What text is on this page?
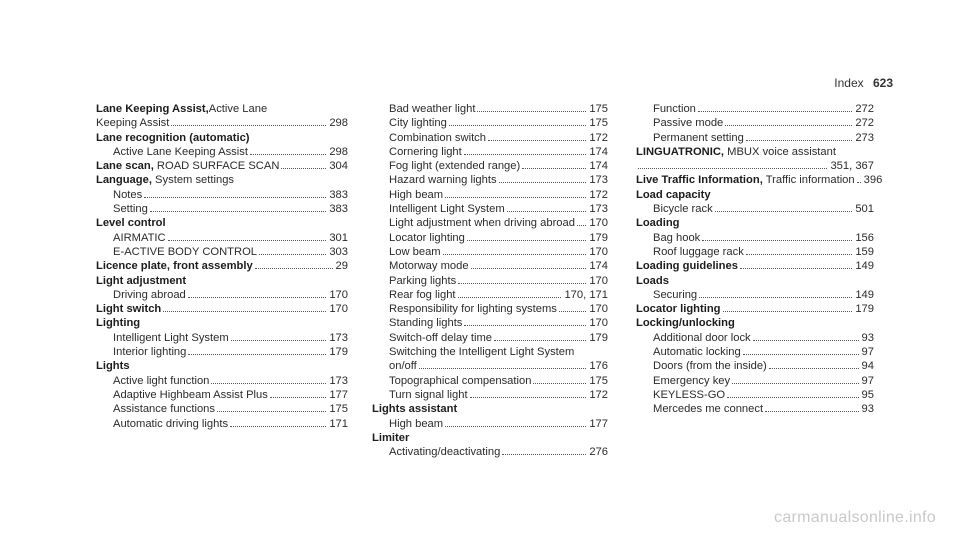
Index 623
Lane Keeping Assist,Active Lane
Keeping Assist	298
Lane recognition (automatic)
Active Lane Keeping Assist	298
Lane scan, ROAD SURFACE SCAN	304
Language, System settings
Notes	383
Setting	383
Level control
AIRMATIC	301
E-ACTIVE BODY CONTROL	303
Licence plate, front assembly	29
Light adjustment
Driving abroad	170
Light switch	170
Lighting
Intelligent Light System	173
Interior lighting	179
Lights
Active light function	173
Adaptive Highbeam Assist Plus	177
Assistance functions	175
Automatic driving lights	171
Bad weather light	175
City lighting	175
Combination switch	172
Cornering light	174
Fog light (extended range)	174
Hazard warning lights	173
High beam	172
Intelligent Light System	173
Light adjustment when driving abroad 170
Locator lighting	179
Low beam	170
Motorway mode	174
Parking lights	170
Rear fog light	170, 171
Responsibility for lighting systems	170
Standing lights	170
Switch-off delay time	179
Switching the Intelligent Light System
on/off	176
Topographical compensation	175
Turn signal light	172
Lights assistant
High beam	177
Limiter
Activating/deactivating	276
Function	272
Passive mode	272
Permanent setting	273
LINGUATRONIC, MBUX voice assistant
351, 367
Live Traffic Information, Traffic information 396
Load capacity
Bicycle rack	501
Loading
Bag hook	156
Roof luggage rack	159
Loading guidelines	149
Loads
Securing	149
Locator lighting	179
Locking/unlocking
Additional door lock	93
Automatic locking	97
Doors (from the inside)	94
Emergency key	97
KEYLESS-GO	95
Mercedes me connect	93
carmanualsonline.info
